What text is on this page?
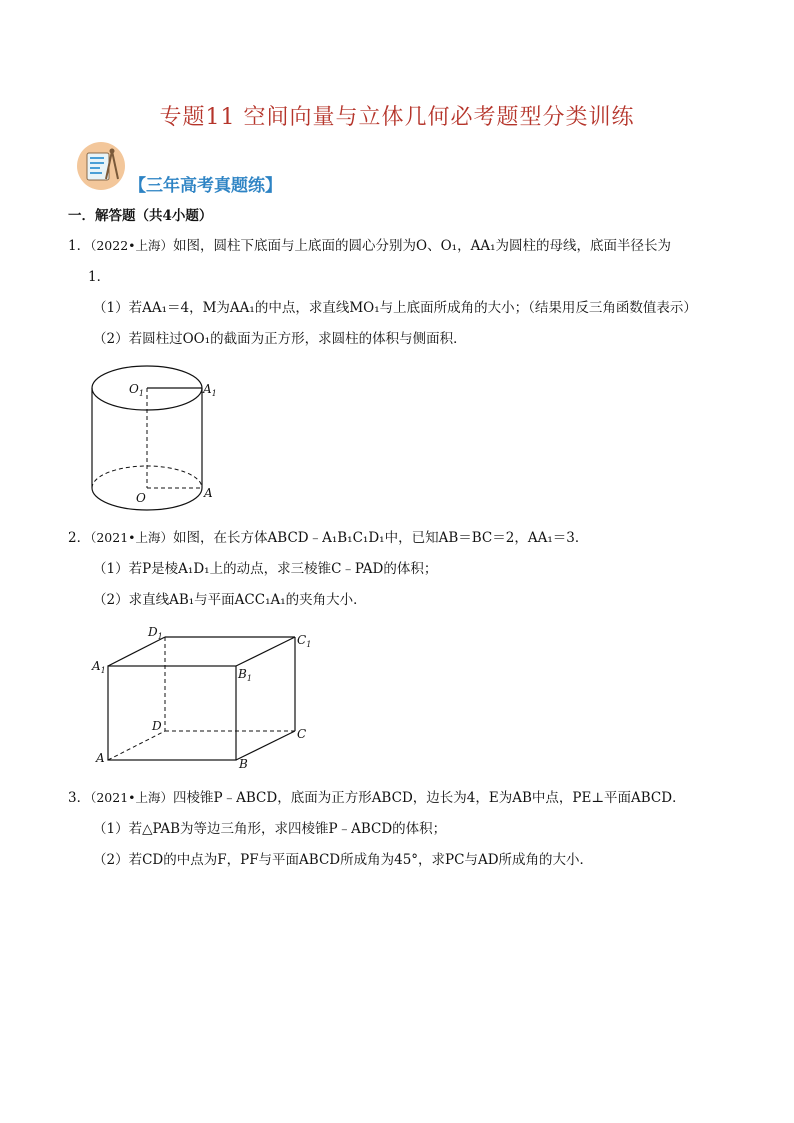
专题11 空间向量与立体几何必考题型分类训练
【三年高考真题练】
一．解答题（共4小题）
1．（2022•上海）如图，圆柱下底面与上底面的圆心分别为O、O₁，AA₁为圆柱的母线，底面半径长为
1．
（1）若AA₁＝4，M为AA₁的中点，求直线MO₁与上底面所成角的大小；（结果用反三角函数值表示）
（2）若圆柱过OO₁的截面为正方形，求圆柱的体积与侧面积．
$O_1$	$A_1$
O	A
2．（2021•上海）如图，在长方体ABCD﹣A₁B₁C₁D₁中，已知AB＝BC＝2，AA₁＝3．
（1）若P是棱A₁D₁上的动点，求三棱锥C﹣PAD的体积；
（2）求直线AB₁与平面ACC₁A₁的夹角大小．
$D_1$	$C_1$
$A_1$	$B_1$
D
C
A	B
3．（2021•上海）四棱锥P﹣ABCD，底面为正方形ABCD，边长为4，E为AB中点，PE⊥平面ABCD．
（1）若△PAB为等边三角形，求四棱锥P﹣ABCD的体积；
（2）若CD的中点为F，PF与平面ABCD所成角为45°，求PC与AD所成角的大小．
